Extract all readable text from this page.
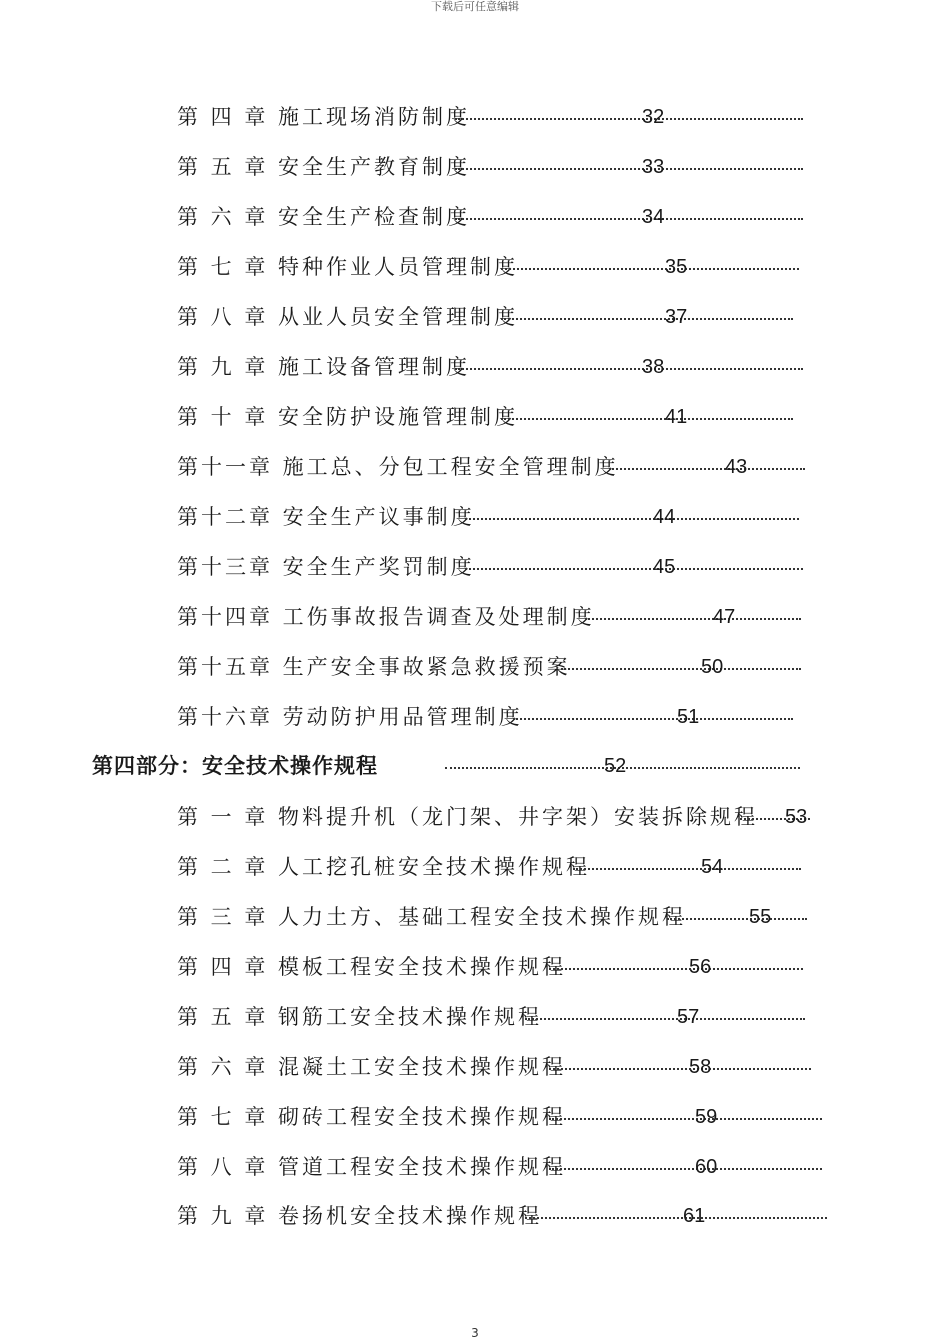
下载后可任意编辑
第 四 章 施工现场消防制度	32
第 五 章 安全生产教育制度	33
第 六 章 安全生产检查制度	34
第 七 章 特种作业人员管理制度	35
第 八 章 从业人员安全管理制度	37
第 九 章 施工设备管理制度	38
第 十 章 安全防护设施管理制度	41
第十一章 施工总、分包工程安全管理制度	43
第十二章 安全生产议事制度	44
第十三章 安全生产奖罚制度	45
第十四章 工伤事故报告调查及处理制度	47
第十五章 生产安全事故紧急救援预案	50
第十六章 劳动防护用品管理制度	51
第四部分：安全技术操作规程	52
第 一 章 物料提升机（龙门架、井字架）安装拆除规程 53
第 二 章 人工挖孔桩安全技术操作规程	54
第 三 章 人力土方、基础工程安全技术操作规程	55
第 四 章 模板工程安全技术操作规程	56
第 五 章 钢筋工安全技术操作规程	57
第 六 章 混凝土工安全技术操作规程	58
第 七 章 砌砖工程安全技术操作规程	59
第 八 章 管道工程安全技术操作规程	60
第 九 章 卷扬机安全技术操作规程	61
3
